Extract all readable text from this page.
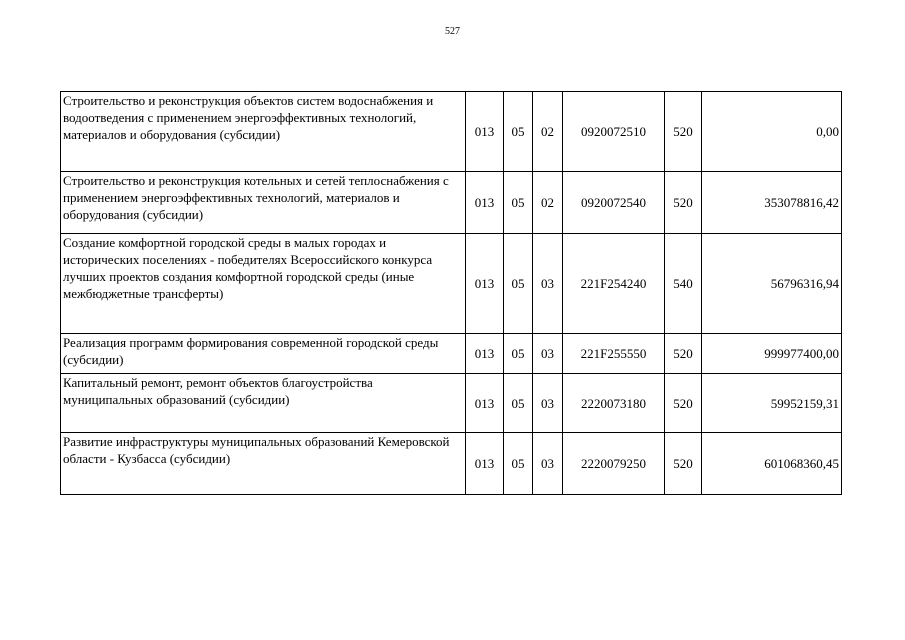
527
Строительство и реконструкция объектов систем водоснабжения и водоотведения с применением энергоэффективных технологий, материалов и оборудования (субсидии)	013	05	02	0920072510	520	0,00
Строительство и реконструкция котельных и сетей теплоснабжения с применением энергоэффективных технологий, материалов и оборудования (субсидии)	013	05	02	0920072540	520	353078816,42
Создание комфортной городской среды в малых городах и исторических поселениях - победителях Всероссийского конкурса лучших проектов создания комфортной городской среды (иные межбюджетные трансферты)	013	05	03	221F254240	540	56796316,94
Реализация программ формирования современной городской среды (субсидии)	013	05	03	221F255550	520	999977400,00
Капитальный ремонт, ремонт объектов благоустройства муниципальных образований (субсидии)	013	05	03	2220073180	520	59952159,31
Развитие инфраструктуры муниципальных образований Кемеровской области - Кузбасса (субсидии)	013	05	03	2220079250	520	601068360,45
